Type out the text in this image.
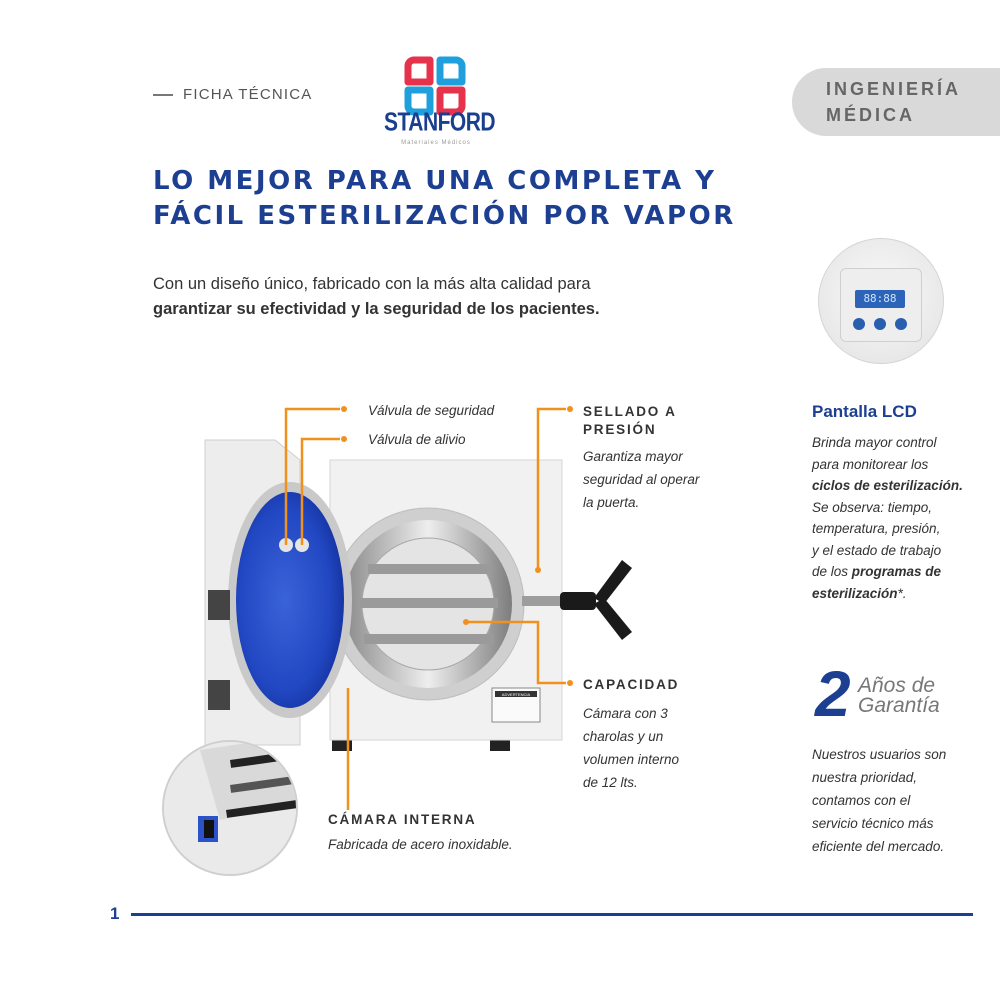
FICHA TÉCNICA
STANFORD
Materiales Médicos
INGENIERÍA
MÉDICA
LO MEJOR PARA UNA COMPLETA Y
FÁCIL ESTERILIZACIÓN POR VAPOR
Con un diseño único, fabricado con la más alta calidad para
garantizar su efectividad y la seguridad de los pacientes.
ADVERTENCIA
Válvula de seguridad
Válvula de alivio
SELLADO A
PRESIÓN
Garantiza mayor
seguridad al operar
la puerta.
CAPACIDAD
Cámara con 3
charolas y un
volumen interno
de 12 lts.
CÁMARA INTERNA
Fabricada de acero inoxidable.
88:88
Pantalla LCD
Brinda mayor control
para monitorear los
ciclos de esterilización.
Se observa: tiempo,
temperatura, presión,
y el estado de trabajo
de los programas de
esterilización*.
2 Años de
Garantía
Nuestros usuarios son
nuestra prioridad,
contamos con el
servicio técnico más
eficiente del mercado.
1
